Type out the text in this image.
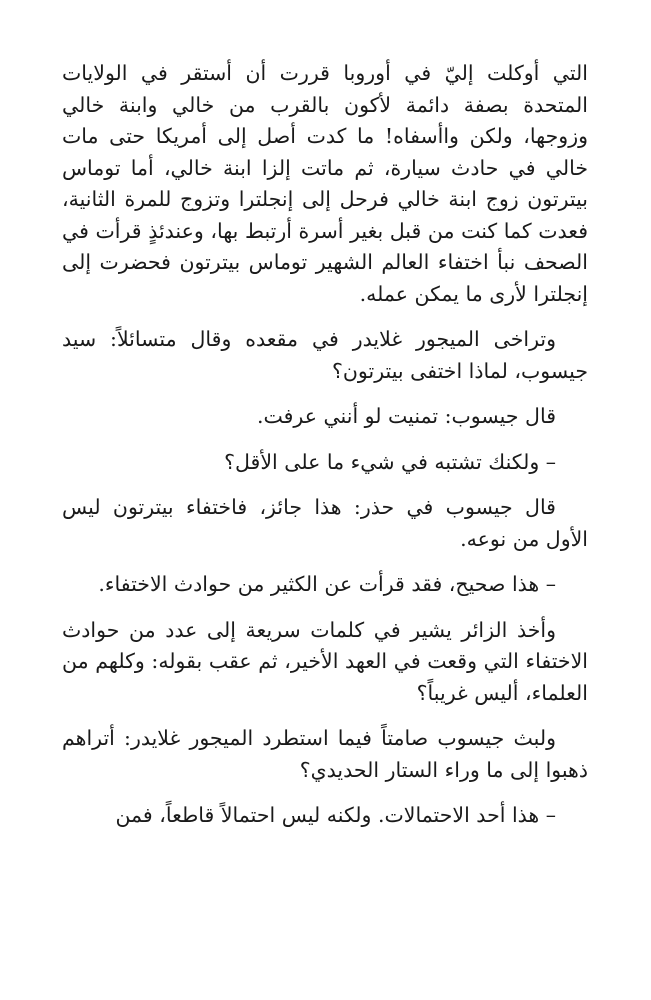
التي أوكلت إليّ في أوروبا قررت أن أستقر في الولايات المتحدة بصفة دائمة لأكون بالقرب من خالي وابنة خالي وزوجها، ولكن واأسفاه! ما كدت أصل إلى أمريكا حتى مات خالي في حادث سيارة، ثم ماتت إلزا ابنة خالي، أما توماس بيترتون زوج ابنة خالي فرحل إلى إنجلترا وتزوج للمرة الثانية، فعدت كما كنت من قبل بغير أسرة أرتبط بها، وعندئذٍ قرأت في الصحف نبأ اختفاء العالم الشهير توماس بيترتون فحضرت إلى إنجلترا لأرى ما يمكن عمله.

وتراخى الميجور غلايدر في مقعده وقال متسائلاً: سيد جيسوب، لماذا اختفى بيترتون؟

قال جيسوب: تمنيت لو أنني عرفت.

– ولكنك تشتبه في شيء ما على الأقل؟

قال جيسوب في حذر: هذا جائز، فاختفاء بيترتون ليس الأول من نوعه.

– هذا صحيح، فقد قرأت عن الكثير من حوادث الاختفاء.

وأخذ الزائر يشير في كلمات سريعة إلى عدد من حوادث الاختفاء التي وقعت في العهد الأخير، ثم عقب بقوله: وكلهم من العلماء، أليس غريباً؟

ولبث جيسوب صامتاً فيما استطرد الميجور غلايدر: أتراهم ذهبوا إلى ما وراء الستار الحديدي؟

– هذا أحد الاحتمالات. ولكنه ليس احتمالاً قاطعاً، فمن
